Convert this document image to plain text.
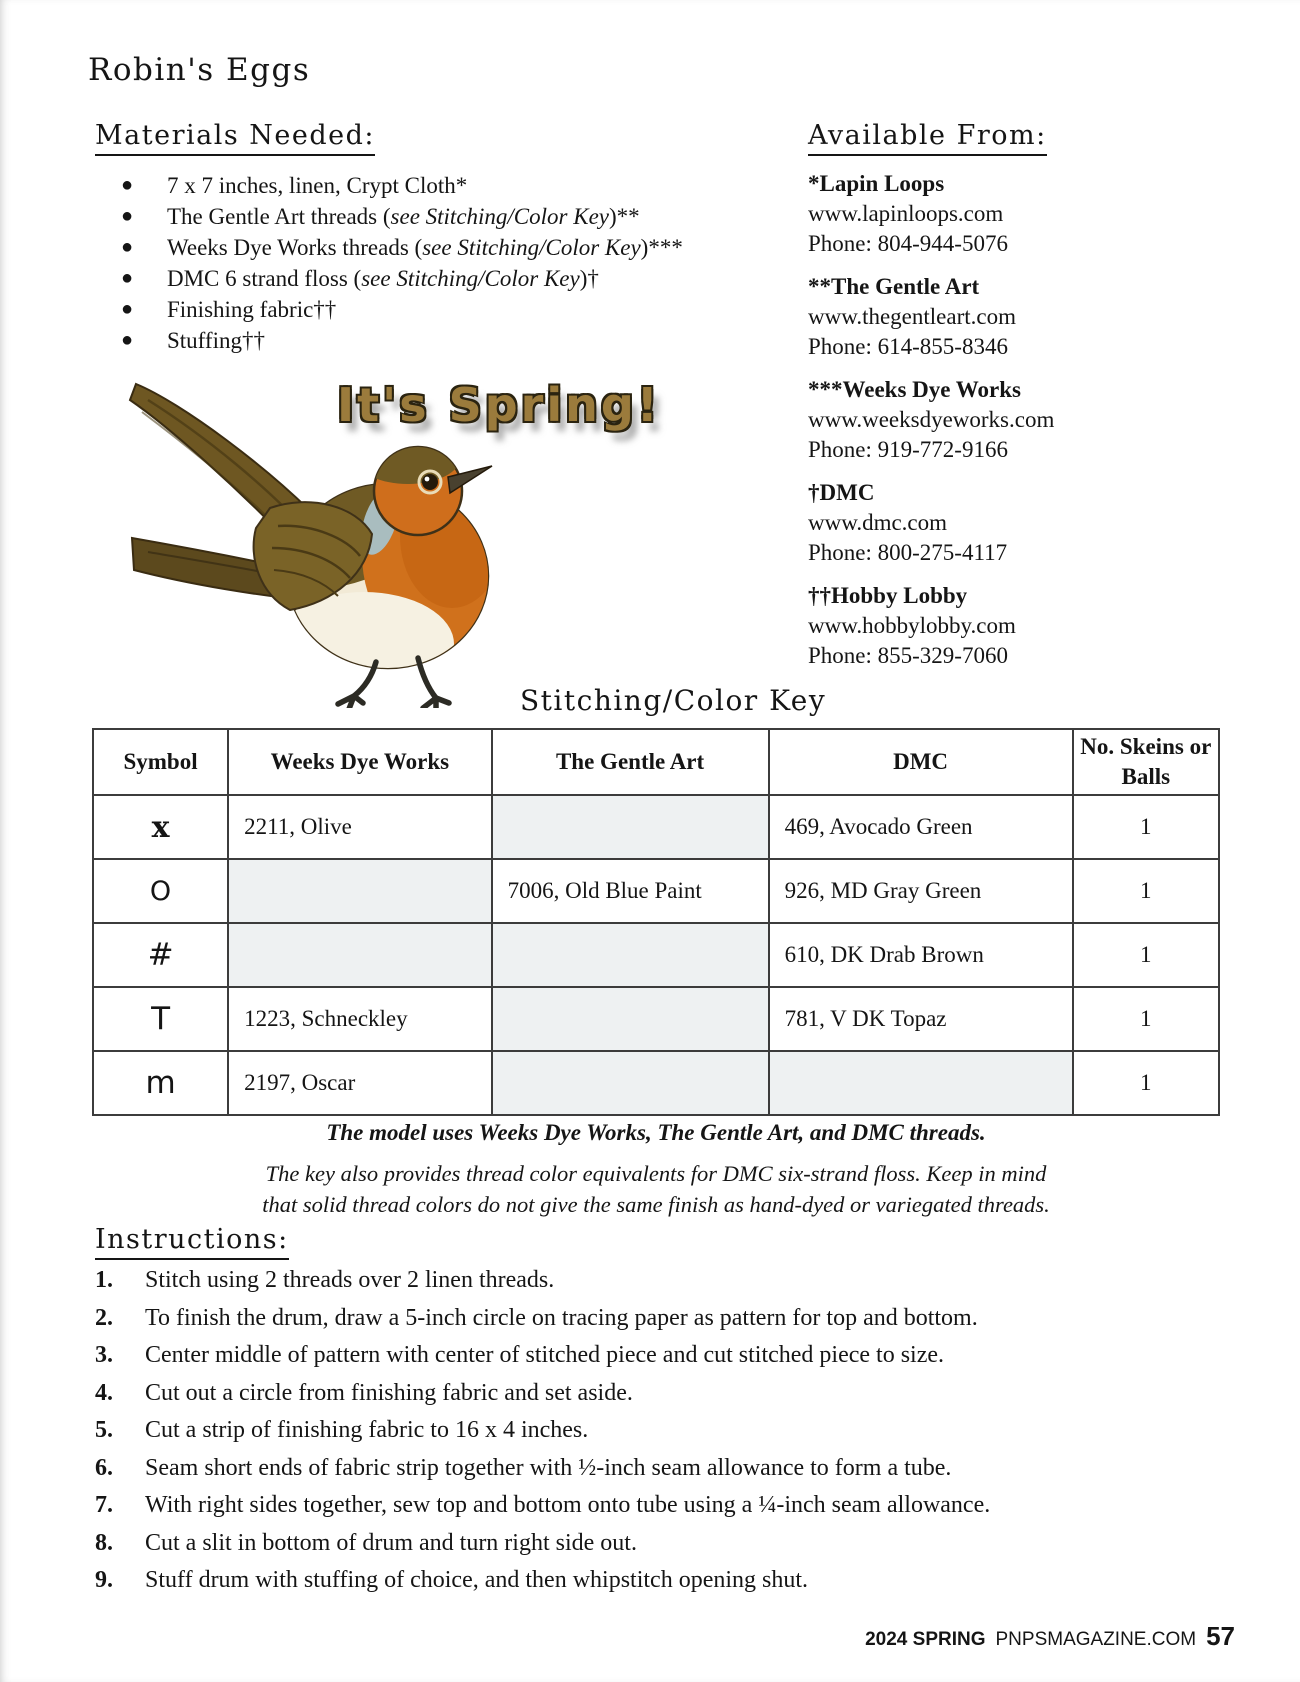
Robin's Eggs
Materials Needed:
●	7 x 7 inches, linen, Crypt Cloth*
●	The Gentle Art threads (see Stitching/Color Key)**
●	Weeks Dye Works threads (see Stitching/Color Key)***
●	DMC 6 strand floss (see Stitching/Color Key)†
●	Finishing fabric††
●	Stuffing††
Available From:
*Lapin Loops
www.lapinloops.com
Phone: 804-944-5076
**The Gentle Art
www.thegentleart.com
Phone: 614-855-8346
***Weeks Dye Works
www.weeksdyeworks.com
Phone: 919-772-9166
†DMC
www.dmc.com
Phone: 800-275-4117
††Hobby Lobby
www.hobbylobby.com
Phone: 855-329-7060
It's Spring!
Stitching/Color Key
Symbol	Weeks Dye Works	The Gentle Art	DMC	No. Skeins or Balls
x	2211, Olive		469, Avocado Green	1
O		7006, Old Blue Paint	926, MD Gray Green	1
#			610, DK Drab Brown	1
T	1223, Schneckley		781, V DK Topaz	1
m	2197, Oscar			1
The model uses Weeks Dye Works, The Gentle Art, and DMC threads.
The key also provides thread color equivalents for DMC six-strand floss. Keep in mind
that solid thread colors do not give the same finish as hand-dyed or variegated threads.
Instructions:
1.	Stitch using 2 threads over 2 linen threads.
2.	To finish the drum, draw a 5-inch circle on tracing paper as pattern for top and bottom.
3.	Center middle of pattern with center of stitched piece and cut stitched piece to size.
4.	Cut out a circle from finishing fabric and set aside.
5.	Cut a strip of finishing fabric to 16 x 4 inches.
6.	Seam short ends of fabric strip together with ½-inch seam allowance to form a tube.
7.	With right sides together, sew top and bottom onto tube using a ¼-inch seam allowance.
8.	Cut a slit in bottom of drum and turn right side out.
9.	Stuff drum with stuffing of choice, and then whipstitch opening shut.
2024 SPRING PNPSMAGAZINE.COM 57
